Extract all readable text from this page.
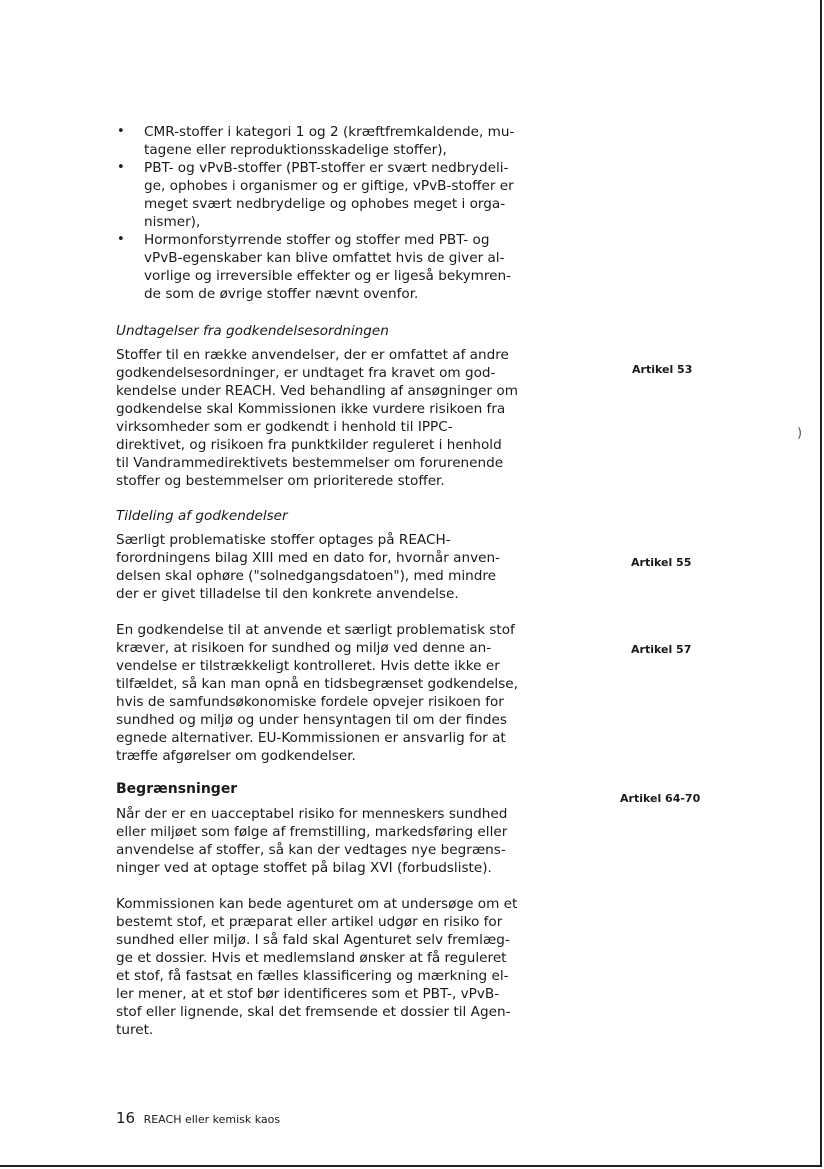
• CMR-stoffer i kategori 1 og 2 (kræftfremkaldende, mu-
tagene eller reproduktionsskadelige stoffer),
• PBT- og vPvB-stoffer (PBT-stoffer er svært nedbrydeli-
ge, ophobes i organismer og er giftige, vPvB-stoffer er
meget svært nedbrydelige og ophobes meget i orga-
nismer),
• Hormonforstyrrende stoffer og stoffer med PBT- og
vPvB-egenskaber kan blive omfattet hvis de giver al-
vorlige og irreversible effekter og er ligeså bekymren-
de som de øvrige stoffer nævnt ovenfor.
Undtagelser fra godkendelsesordningen

Stoffer til en række anvendelser, der er omfattet af andre
godkendelsesordninger, er undtaget fra kravet om god-
kendelse under REACH. Ved behandling af ansøgninger om
godkendelse skal Kommissionen ikke vurdere risikoen fra
virksomheder som er godkendt i henhold til IPPC-
direktivet, og risikoen fra punktkilder reguleret i henhold
til Vandrammedirektivets bestemmelser om forurenende
stoffer og bestemmelser om prioriterede stoffer.

Tildeling af godkendelser

Særligt problematiske stoffer optages på REACH-
forordningens bilag XIII med en dato for, hvornår anven-
delsen skal ophøre ("solnedgangsdatoen"), med mindre
der er givet tilladelse til den konkrete anvendelse.

En godkendelse til at anvende et særligt problematisk stof
kræver, at risikoen for sundhed og miljø ved denne an-
vendelse er tilstrækkeligt kontrolleret. Hvis dette ikke er
tilfældet, så kan man opnå en tidsbegrænset godkendelse,
hvis de samfundsøkonomiske fordele opvejer risikoen for
sundhed og miljø og under hensyntagen til om der findes
egnede alternativer. EU-Kommissionen er ansvarlig for at
træffe afgørelser om godkendelser.

Begrænsninger

Når der er en uacceptabel risiko for menneskers sundhed
eller miljøet som følge af fremstilling, markedsføring eller
anvendelse af stoffer, så kan der vedtages nye begræns-
ninger ved at optage stoffet på bilag XVI (forbudsliste).

Kommissionen kan bede agenturet om at undersøge om et
bestemt stof, et præparat eller artikel udgør en risiko for
sundhed eller miljø. I så fald skal Agenturet selv fremlæg-
ge et dossier. Hvis et medlemsland ønsker at få reguleret
et stof, få fastsat en fælles klassificering og mærkning el-
ler mener, at et stof bør identificeres som et PBT-, vPvB-
stof eller lignende, skal det fremsende et dossier til Agen-
turet.

Artikel 53
Artikel 55
Artikel 57
Artikel 64-70
)
16 REACH eller kemisk kaos
